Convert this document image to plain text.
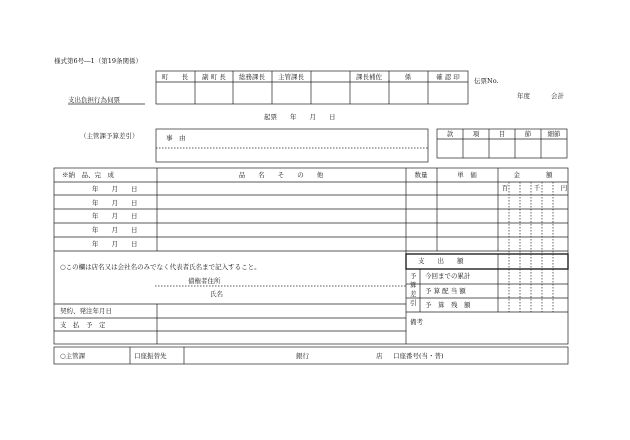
様式第6号―1（第19条関係）
支出負担行為伺票
町　　長 副 町 長 総務課長 主管課長	課長補佐	係	確 認 印 伝票No.
年度	会計
起票　　年　　月　　日
（主管課予算差引）	事　由	款	項	目	節	細節
※納　品、完　成	品　　名　　そ　　の　　他	数量	単　価	金　　　　額
百	千	円
年　　月　　日
年　　月　　日
年　　月　　日
年　　月　　日
年　　月　　日
○この欄は店名又は会社名のみでなく代表者氏名まで記入すること。
債権者住所
氏名
契約、発注年月日
支　払　予　定
支　　出　　額
予算差引
今回までの累計
予 算 配 当 額
予　算　残　額
備考
○主管課	口座振替先	銀行	店 口座番号(当・普)
